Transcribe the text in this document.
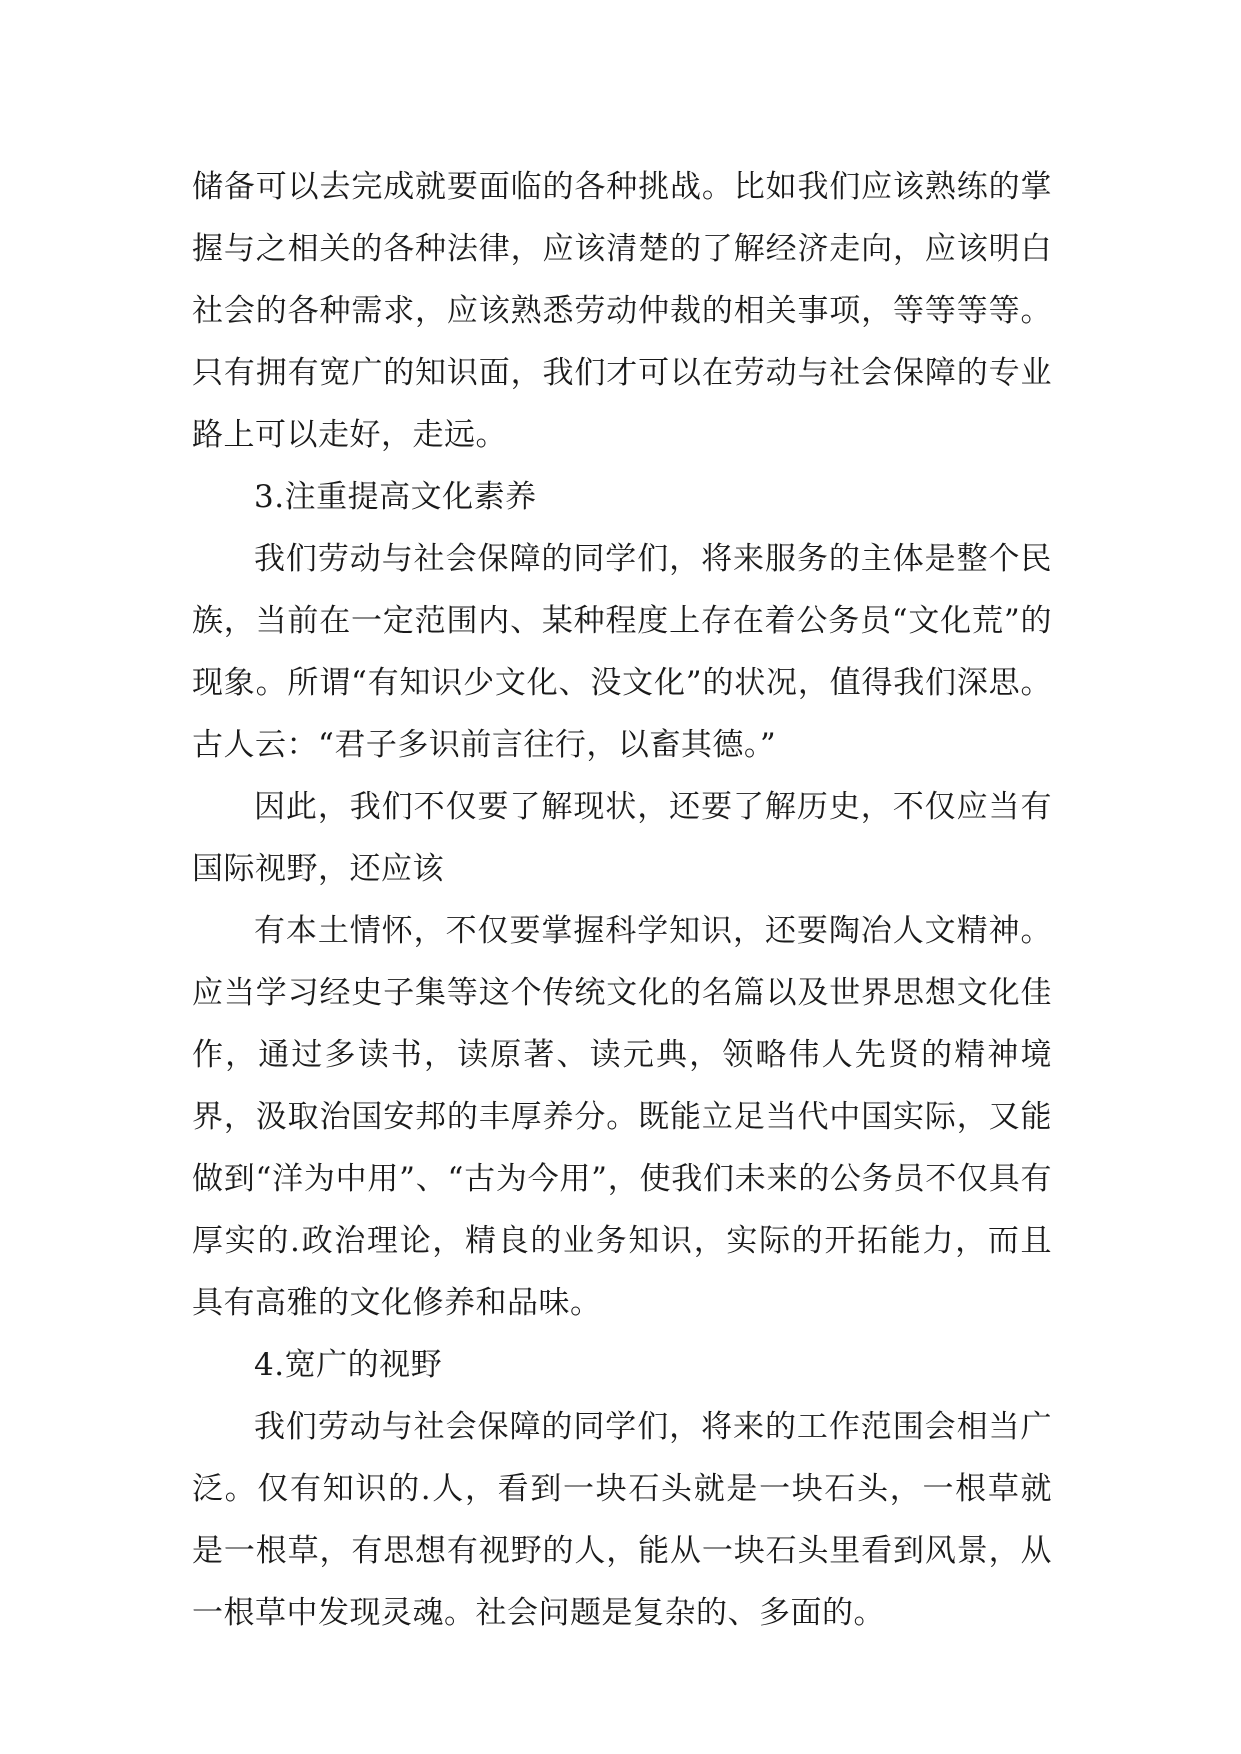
储备可以去完成就要面临的各种挑战。比如我们应该熟练的掌握与之相关的各种法律，应该清楚的了解经济走向，应该明白社会的各种需求，应该熟悉劳动仲裁的相关事项，等等等等。只有拥有宽广的知识面，我们才可以在劳动与社会保障的专业路上可以走好，走远。

3.注重提高文化素养

我们劳动与社会保障的同学们，将来服务的主体是整个民族，当前在一定范围内、某种程度上存在着公务员“文化荒”的现象。所谓“有知识少文化、没文化”的状况，值得我们深思。古人云：“君子多识前言往行，以畜其德。”

因此，我们不仅要了解现状，还要了解历史，不仅应当有国际视野，还应该

有本土情怀，不仅要掌握科学知识，还要陶冶人文精神。应当学习经史子集等这个传统文化的名篇以及世界思想文化佳作，通过多读书，读原著、读元典，领略伟人先贤的精神境界，汲取治国安邦的丰厚养分。既能立足当代中国实际，又能做到“洋为中用”、“古为今用”，使我们未来的公务员不仅具有厚实的.政治理论，精良的业务知识，实际的开拓能力，而且具有高雅的文化修养和品味。

4.宽广的视野

我们劳动与社会保障的同学们，将来的工作范围会相当广泛。仅有知识的.人，看到一块石头就是一块石头，一根草就是一根草，有思想有视野的人，能从一块石头里看到风景，从一根草中发现灵魂。社会问题是复杂的、多面的。
